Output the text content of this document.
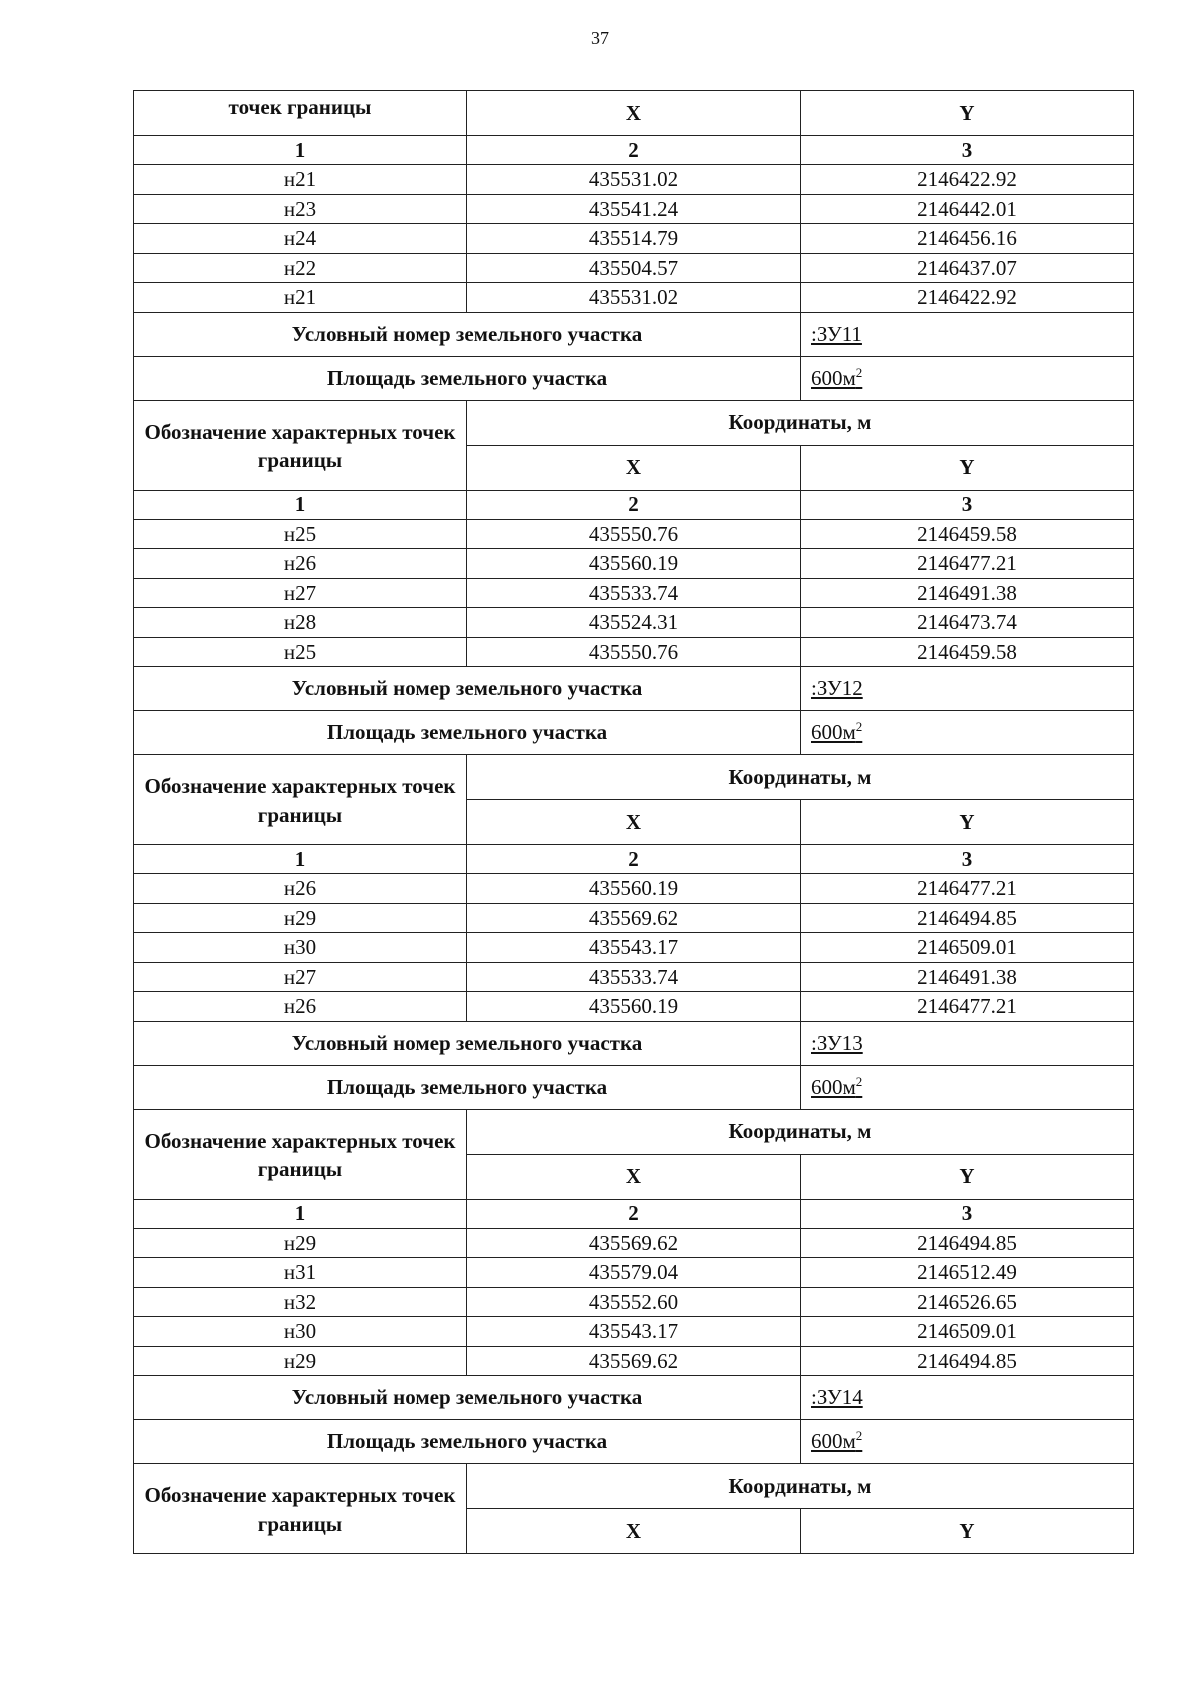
37
точек границы	X	Y
1	2	3
н21	435531.02	2146422.92
н23	435541.24	2146442.01
н24	435514.79	2146456.16
н22	435504.57	2146437.07
н21	435531.02	2146422.92
Условный номер земельного участка		:ЗУ11
Площадь земельного участка		$600м^2$
Обозначение характерных точек границы	Координаты, м	
	X	Y
1	2	3
н25	435550.76	2146459.58
н26	435560.19	2146477.21
н27	435533.74	2146491.38
н28	435524.31	2146473.74
н25	435550.76	2146459.58
Условный номер земельного участка		:ЗУ12
Площадь земельного участка		$600м^2$
Обозначение характерных точек границы	Координаты, м	
	X	Y
1	2	3
н26	435560.19	2146477.21
н29	435569.62	2146494.85
н30	435543.17	2146509.01
н27	435533.74	2146491.38
н26	435560.19	2146477.21
Условный номер земельного участка		:ЗУ13
Площадь земельного участка		$600м^2$
Обозначение характерных точек границы	Координаты, м	
	X	Y
1	2	3
н29	435569.62	2146494.85
н31	435579.04	2146512.49
н32	435552.60	2146526.65
н30	435543.17	2146509.01
н29	435569.62	2146494.85
Условный номер земельного участка		:ЗУ14
Площадь земельного участка		$600м^2$
Обозначение характерных точек границы	Координаты, м	
	X	Y
